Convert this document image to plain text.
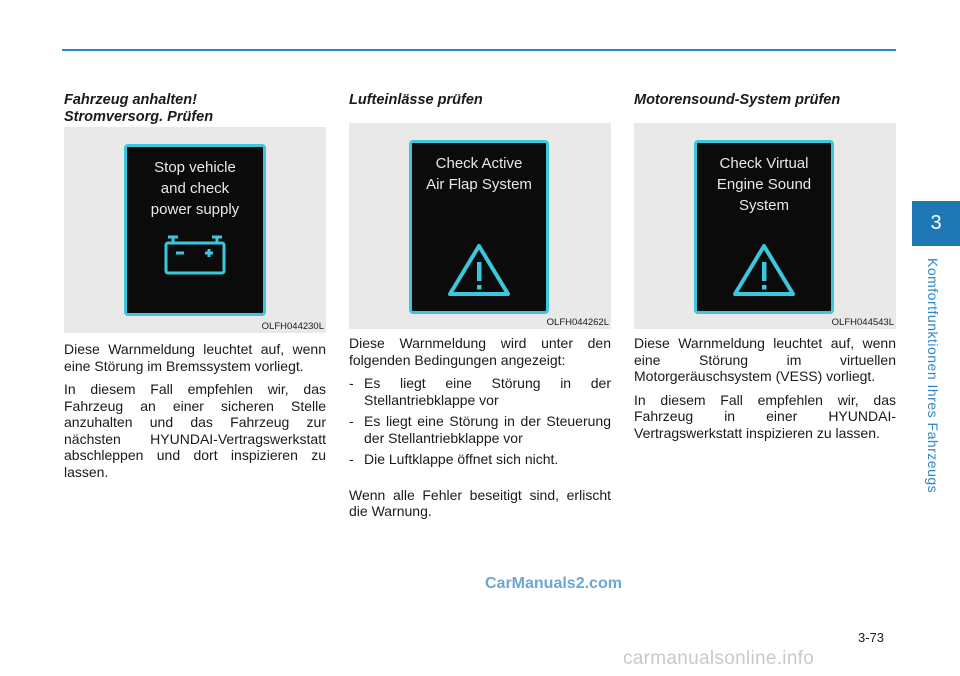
3
Komfortfunktionen Ihres Fahrzeugs
Fahrzeug anhalten!
Stromversorg. Prüfen
Stop vehicle
and check
power supply
OLFH044230L

Diese Warnmeldung leuchtet auf, wenn eine Störung im Bremssystem vorliegt.

In diesem Fall empfehlen wir, das Fahrzeug an einer sicheren Stelle anzuhalten und das Fahrzeug zur nächsten HYUNDAI-Vertragswerkstatt abschleppen und dort inspizieren zu lassen.

Lufteinlässe prüfen
Check Active
Air Flap System
OLFH044262L

Diese Warnmeldung wird unter den folgenden Bedingungen angezeigt:

- Es liegt eine Störung in der Stellantriebklappe vor
- Es liegt eine Störung in der Steuerung der Stellantriebklappe vor
- Die Luftklappe öffnet sich nicht.

Wenn alle Fehler beseitigt sind, erlischt die Warnung.

Motorensound-System prüfen
Check Virtual
Engine Sound
System
OLFH044543L

Diese Warnmeldung leuchtet auf, wenn eine Störung im virtuellen Motorgeräuschsystem (VESS) vorliegt.

In diesem Fall empfehlen wir, das Fahrzeug in einer HYUNDAI-Vertragswerkstatt inspizieren zu lassen.

CarManuals2.com
3-73
carmanualsonline.info
